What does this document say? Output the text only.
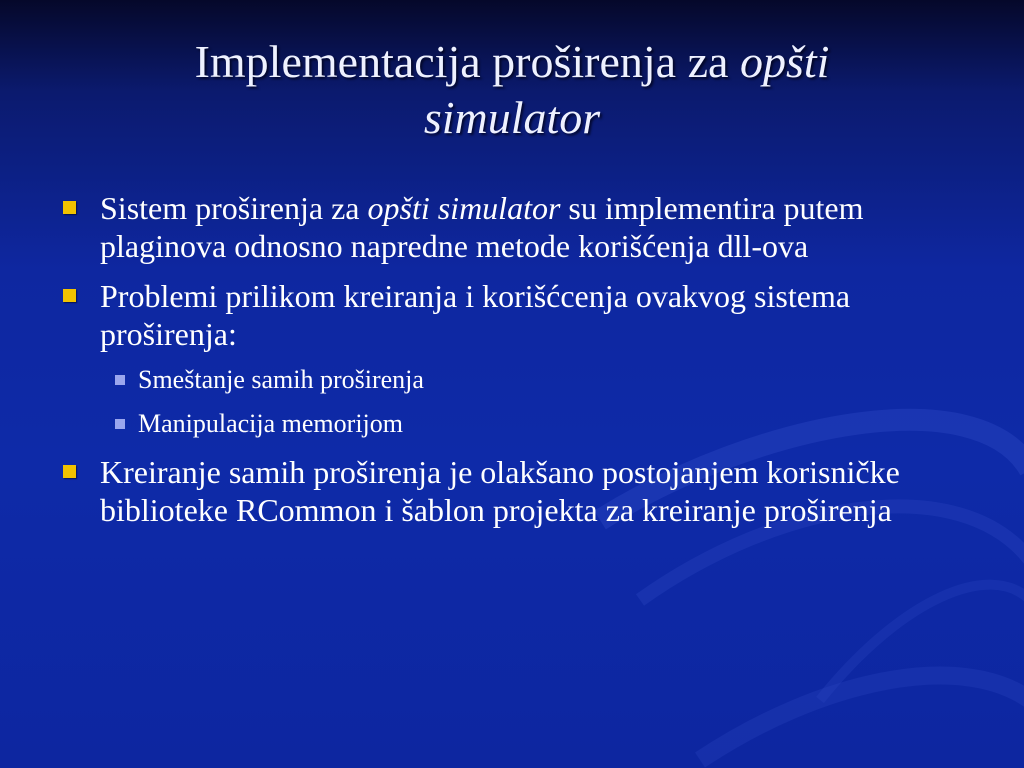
Implementacija proširenja za opšti
simulator
Sistem proširenja za opšti simulator su implementira putem plaginova odnosno napredne metode korišćenja dll-ova
Problemi prilikom kreiranja i korišćcenja ovakvog sistema proširenja:
Smeštanje samih proširenja
Manipulacija memorijom
Kreiranje samih proširenja je olakšano postojanjem korisničke biblioteke RCommon i šablon projekta za kreiranje proširenja
